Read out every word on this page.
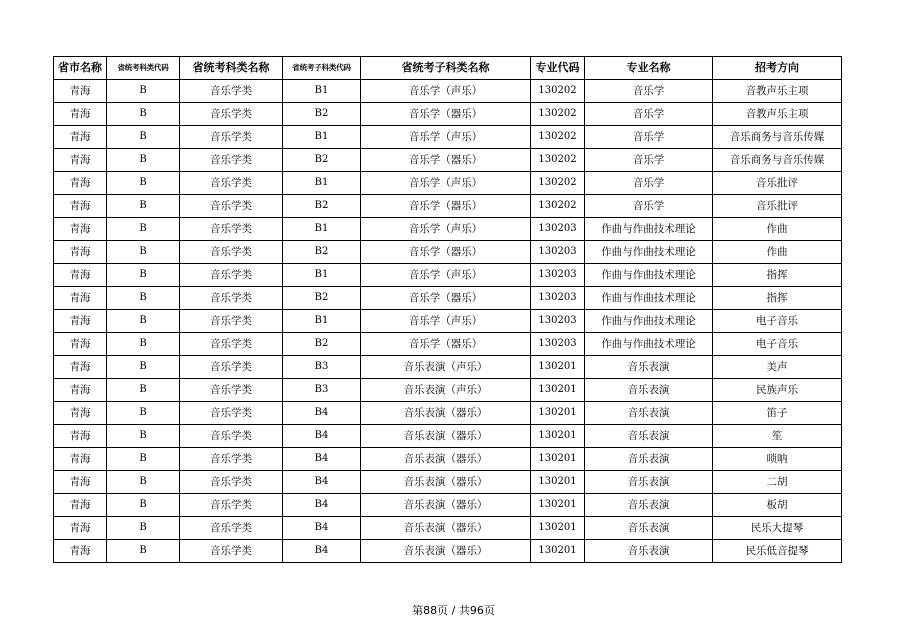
省市名称	省统考科类代码	省统考科类名称	省统考子科类代码	省统考子科类名称	专业代码	专业名称	招考方向
青海	B	音乐学类	B1	音乐学（声乐）	130202	音乐学	音教声乐主项
青海	B	音乐学类	B2	音乐学（器乐）	130202	音乐学	音教声乐主项
青海	B	音乐学类	B1	音乐学（声乐）	130202	音乐学	音乐商务与音乐传媒
青海	B	音乐学类	B2	音乐学（器乐）	130202	音乐学	音乐商务与音乐传媒
青海	B	音乐学类	B1	音乐学（声乐）	130202	音乐学	音乐批评
青海	B	音乐学类	B2	音乐学（器乐）	130202	音乐学	音乐批评
青海	B	音乐学类	B1	音乐学（声乐）	130203	作曲与作曲技术理论	作曲
青海	B	音乐学类	B2	音乐学（器乐）	130203	作曲与作曲技术理论	作曲
青海	B	音乐学类	B1	音乐学（声乐）	130203	作曲与作曲技术理论	指挥
青海	B	音乐学类	B2	音乐学（器乐）	130203	作曲与作曲技术理论	指挥
青海	B	音乐学类	B1	音乐学（声乐）	130203	作曲与作曲技术理论	电子音乐
青海	B	音乐学类	B2	音乐学（器乐）	130203	作曲与作曲技术理论	电子音乐
青海	B	音乐学类	B3	音乐表演（声乐）	130201	音乐表演	美声
青海	B	音乐学类	B3	音乐表演（声乐）	130201	音乐表演	民族声乐
青海	B	音乐学类	B4	音乐表演（器乐）	130201	音乐表演	笛子
青海	B	音乐学类	B4	音乐表演（器乐）	130201	音乐表演	笙
青海	B	音乐学类	B4	音乐表演（器乐）	130201	音乐表演	唢呐
青海	B	音乐学类	B4	音乐表演（器乐）	130201	音乐表演	二胡
青海	B	音乐学类	B4	音乐表演（器乐）	130201	音乐表演	板胡
青海	B	音乐学类	B4	音乐表演（器乐）	130201	音乐表演	民乐大提琴
青海	B	音乐学类	B4	音乐表演（器乐）	130201	音乐表演	民乐低音提琴
第88页 / 共96页
